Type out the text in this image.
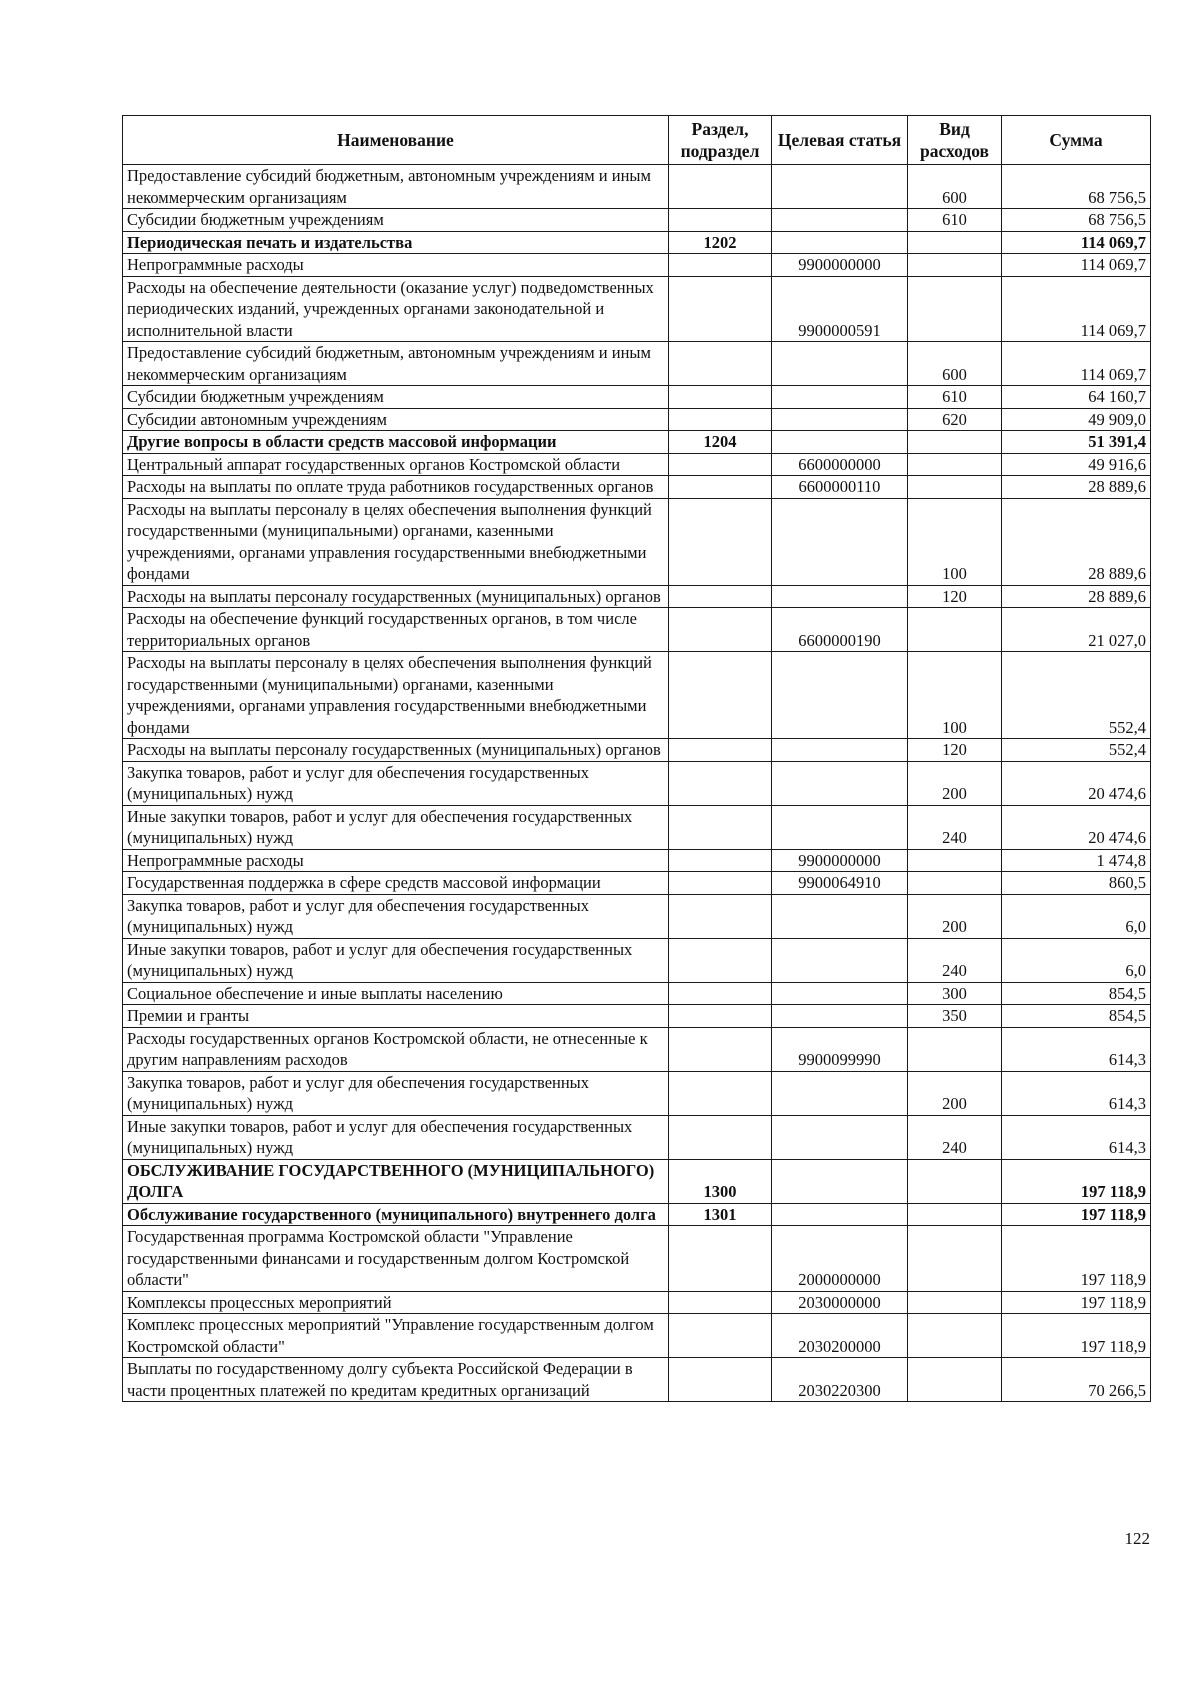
Наименование	Раздел, подраздел	Целевая статья	Вид расходов	Сумма
Предоставление субсидий бюджетным, автономным учреждениям и иным некоммерческим организациям			600	68 756,5
Субсидии бюджетным учреждениям			610	68 756,5
Периодическая печать и издательства	1202			114 069,7
Непрограммные расходы		9900000000		114 069,7
Расходы на обеспечение деятельности (оказание услуг) подведомственных периодических изданий, учрежденных органами законодательной и исполнительной власти		9900000591		114 069,7
Предоставление субсидий бюджетным, автономным учреждениям и иным некоммерческим организациям			600	114 069,7
Субсидии бюджетным учреждениям			610	64 160,7
Субсидии автономным учреждениям			620	49 909,0
Другие вопросы в области средств массовой информации	1204			51 391,4
Центральный аппарат государственных органов Костромской области		6600000000		49 916,6
Расходы на выплаты по оплате труда работников государственных органов		6600000110		28 889,6
Расходы на выплаты персоналу в целях обеспечения выполнения функций государственными (муниципальными) органами, казенными учреждениями, органами управления государственными внебюджетными фондами			100	28 889,6
Расходы на выплаты персоналу государственных (муниципальных) органов			120	28 889,6
Расходы на обеспечение функций государственных органов, в том числе территориальных органов		6600000190		21 027,0
Расходы на выплаты персоналу в целях обеспечения выполнения функций государственными (муниципальными) органами, казенными учреждениями, органами управления государственными внебюджетными фондами			100	552,4
Расходы на выплаты персоналу государственных (муниципальных) органов			120	552,4
Закупка товаров, работ и услуг для обеспечения государственных (муниципальных) нужд			200	20 474,6
Иные закупки товаров, работ и услуг для обеспечения государственных (муниципальных) нужд			240	20 474,6
Непрограммные расходы		9900000000		1 474,8
Государственная поддержка в сфере средств массовой информации		9900064910		860,5
Закупка товаров, работ и услуг для обеспечения государственных (муниципальных) нужд			200	6,0
Иные закупки товаров, работ и услуг для обеспечения государственных (муниципальных) нужд			240	6,0
Социальное обеспечение и иные выплаты населению			300	854,5
Премии и гранты			350	854,5
Расходы государственных органов Костромской области, не отнесенные к другим направлениям расходов		9900099990		614,3
Закупка товаров, работ и услуг для обеспечения государственных (муниципальных) нужд			200	614,3
Иные закупки товаров, работ и услуг для обеспечения государственных (муниципальных) нужд			240	614,3
ОБСЛУЖИВАНИЕ ГОСУДАРСТВЕННОГО (МУНИЦИПАЛЬНОГО) ДОЛГА	1300			197 118,9
Обслуживание государственного (муниципального) внутреннего долга	1301			197 118,9
Государственная программа Костромской области "Управление государственными финансами и государственным долгом Костромской области"		2000000000		197 118,9
Комплексы процессных мероприятий		2030000000		197 118,9
Комплекс процессных мероприятий "Управление государственным долгом Костромской области"		2030200000		197 118,9
Выплаты по государственному долгу субъекта Российской Федерации в части процентных платежей по кредитам кредитных организаций		2030220300		70 266,5
122
